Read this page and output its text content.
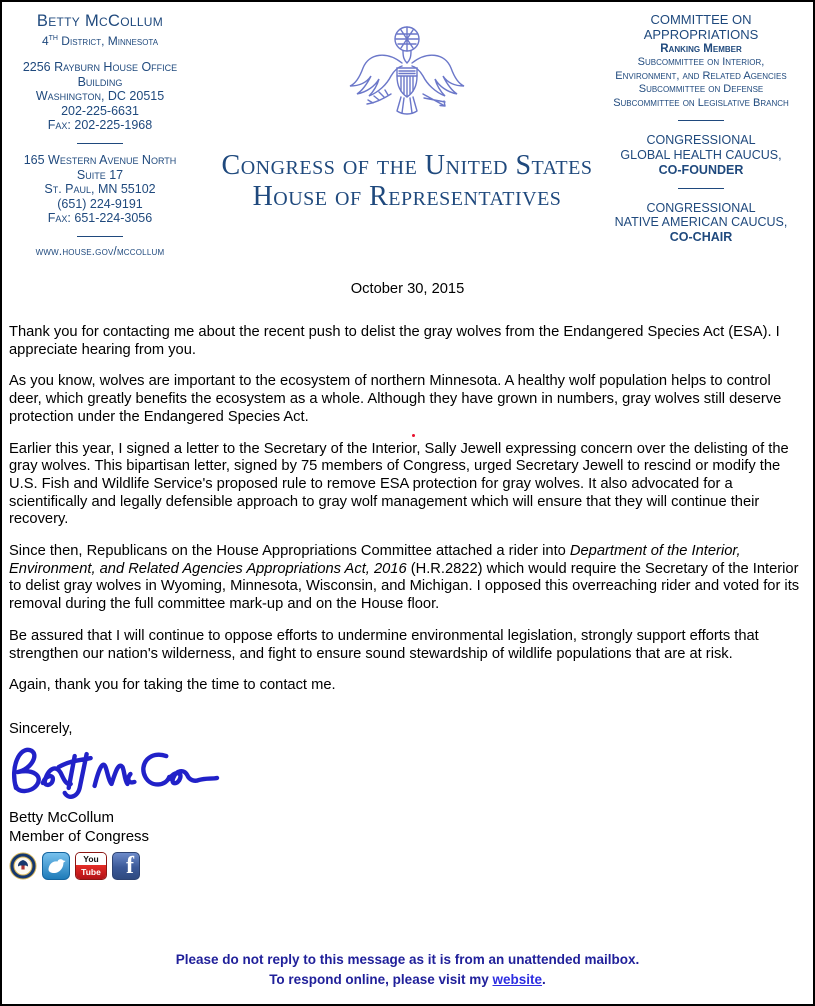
Betty McCollum
4TH District, Minnesota
2256 Rayburn House Office Building
Washington, DC 20515
202-225-6631
Fax: 202-225-1968
165 Western Avenue North
Suite 17
St. Paul, MN 55102
(651) 224-9191
Fax: 651-224-3056
www.house.gov/mccollum
Congress of the United States
House of Representatives
COMMITTEE ON APPROPRIATIONS
Ranking Member
Subcommittee on Interior,
Environment, and Related Agencies
Subcommittee on Defense
Subcommittee on Legislative Branch
CONGRESSIONAL
GLOBAL HEALTH CAUCUS,
CO-FOUNDER
CONGRESSIONAL
NATIVE AMERICAN CAUCUS,
CO-CHAIR
October 30, 2015

Thank you for contacting me about the recent push to delist the gray wolves from the Endangered Species Act (ESA). I appreciate hearing from you.

As you know, wolves are important to the ecosystem of northern Minnesota. A healthy wolf population helps to control deer, which greatly benefits the ecosystem as a whole. Although they have grown in numbers, gray wolves still deserve protection under the Endangered Species Act.

Earlier this year, I signed a letter to the Secretary of the Interior, Sally Jewell expressing concern over the delisting of the gray wolves. This bipartisan letter, signed by 75 members of Congress, urged Secretary Jewell to rescind or modify the U.S. Fish and Wildlife Service's proposed rule to remove ESA protection for gray wolves. It also advocated for a scientifically and legally defensible approach to gray wolf management which will ensure that they will continue their recovery.

Since then, Republicans on the House Appropriations Committee attached a rider into Department of the Interior, Environment, and Related Agencies Appropriations Act, 2016 (H.R.2822) which would require the Secretary of the Interior to delist gray wolves in Wyoming, Minnesota, Wisconsin, and Michigan. I opposed this overreaching rider and voted for its removal during the full committee mark-up and on the House floor.

Be assured that I will continue to oppose efforts to undermine environmental legislation, strongly support efforts that strengthen our nation's wilderness, and fight to ensure sound stewardship of wildlife populations that are at risk.

Again, thank you for taking the time to contact me.

Sincerely,

Betty McCollum

Member of Congress

You
Tube f
Please do not reply to this message as it is from an unattended mailbox.
To respond online, please visit my website.
